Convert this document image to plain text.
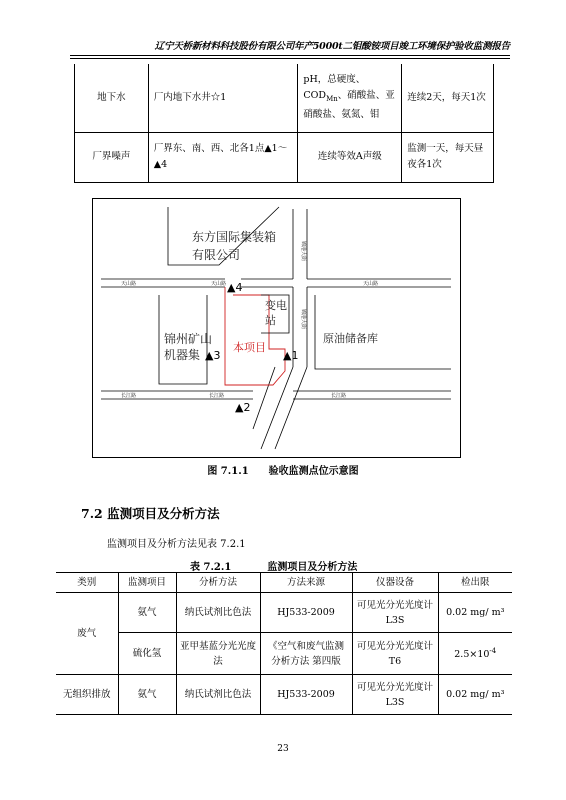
辽宁天桥新材料科技股份有限公司年产5000t二钼酸铵项目竣工环境保护验收监测报告
地下水	厂内地下水井☆1	pH，总硬度、$COD_{Mn}$、硝酸盐、亚硝酸盐、氨氮、钼	连续2天，每天1次
厂界噪声	厂界东、南、西、北各1点▲1～▲4	连续等效A声级	监测一天，每天昼夜各1次
东方国际集装箱
有限公司
变电
站
锦州矿山
机器集
本项目
原油储备库
天山路	天山路	天山路
长江路	长江路	长江路
锦港大街
锦港大街
▲4
▲1
▲3
▲2
图 7.1.1 验收监测点位示意图
7.2 监测项目及分析方法
监测项目及分析方法见表 7.2.1
表 7.2.1	监测项目及分析方法
类别	监测项目	分析方法	方法来源	仪器设备	检出限
废气	氨气	纳氏试剂比色法	HJ533-2009	可见光分光光度计L3S	0.02 mg/ m³
	硫化氢	亚甲基蓝分光光度法	《空气和废气监测分析方法 第四版	可见光分光光度计T6	$2.5\times 10^{-4}$
无组织排放	氨气	纳氏试剂比色法	HJ533-2009	可见光分光光度计L3S	0.02 mg/ m³
23
